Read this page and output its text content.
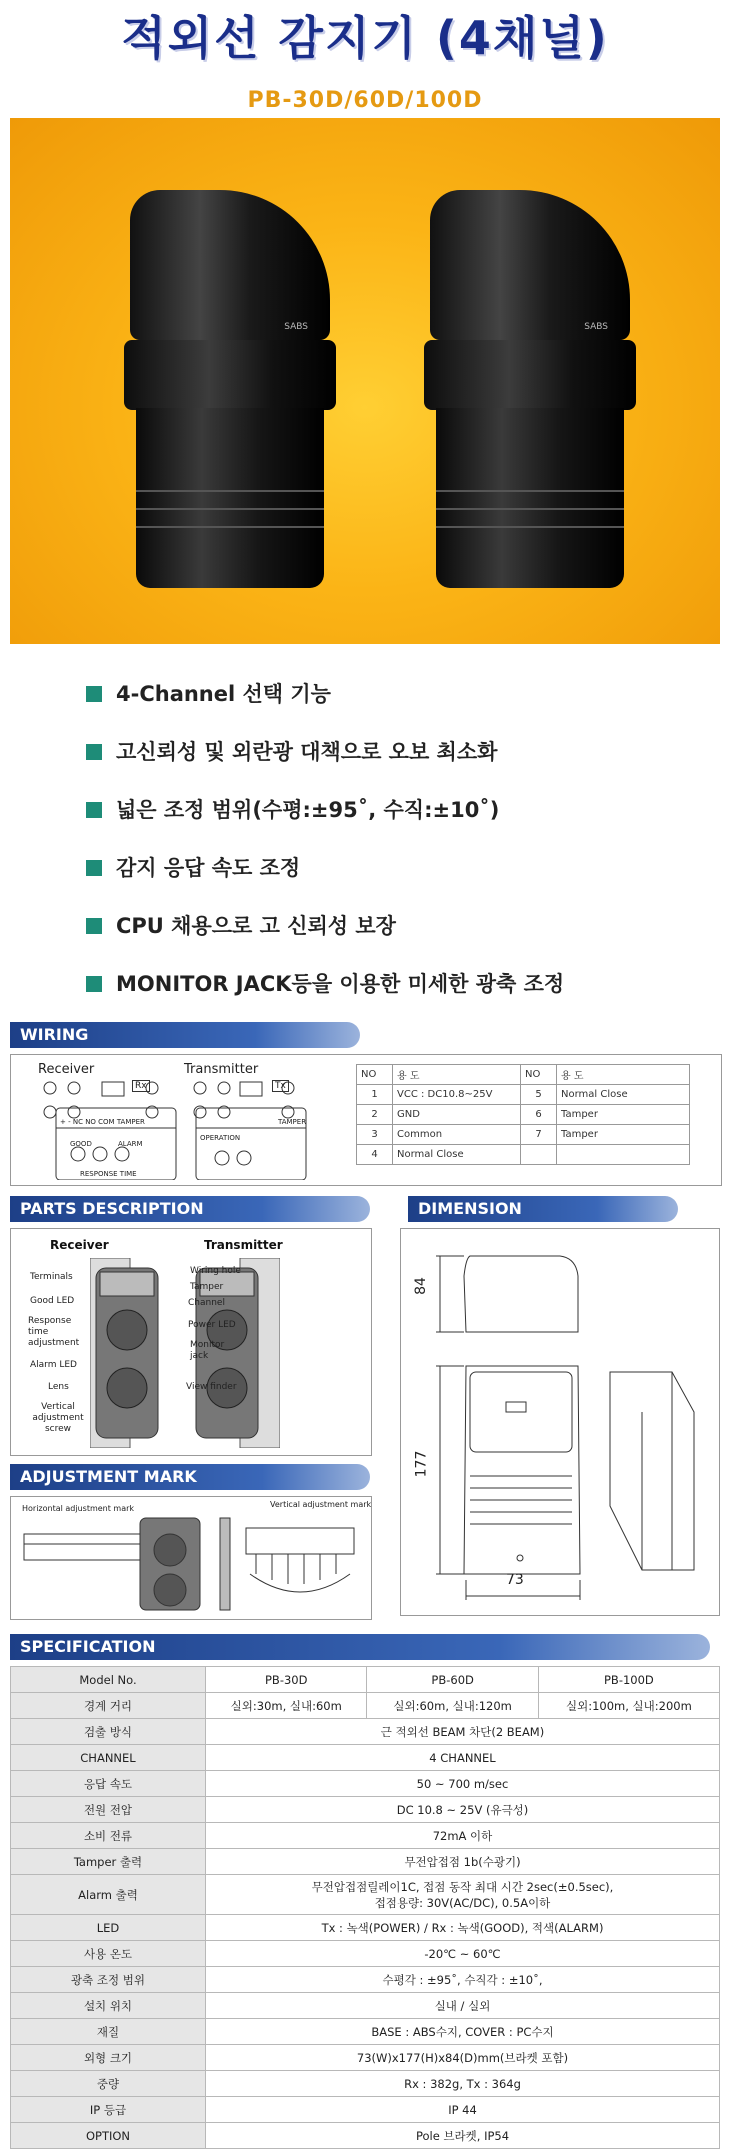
적외선 감지기 (4채널)
PB-30D/60D/100D
SABS	SABS
4-Channel 선택 기능
고신뢰성 및 외란광 대책으로 오보 최소화
넓은 조정 범위(수평:±95˚, 수직:±10˚)
감지 응답 속도 조정
CPU 채용으로 고 신뢰성 보장
MONITOR JACK등을 이용한 미세한 광축 조정
WIRING
Receiver	Transmitter
Rx	Tx
+ - NC NO COM TAMPER	TAMPER
OPERATION
GOOD	ALARM
RESPONSE TIME
NO	용 도	NO	용 도
1	VCC : DC10.8~25V	5	Normal Close
2	GND	6	Tamper
3	Common	7	Tamper
4	Normal Close		
PARTS DESCRIPTION
Receiver	Transmitter
Terminals
Good LED
Response time adjustment
Alarm LED
Lens
Vertical adjustment screw
Wiring hole
Tamper
Channel
Power LED
Monitor jack
View finder
DIMENSION
84
177
73
ADJUSTMENT MARK
Horizontal adjustment mark	Vertical adjustment mark
SPECIFICATION
Model No.	PB-30D	PB-60D	PB-100D
경계 거리	실외:30m, 실내:60m	실외:60m, 실내:120m	실외:100m, 실내:200m
검출 방식	근 적외선 BEAM 차단(2 BEAM)		
CHANNEL	4 CHANNEL		
응답 속도	50 ~ 700 m/sec		
전원 전압	DC 10.8 ~ 25V (유극성)		
소비 전류	72mA 이하		
Tamper 출력	무전압접점 1b(수광기)		
Alarm 출력	무전압접점릴레이1C, 접점 동작 최대 시간 2sec(±0.5sec),
접점용량: 30V(AC/DC), 0.5A이하		

LED	Tx : 녹색(POWER) / Rx : 녹색(GOOD), 적색(ALARM)		
사용 온도	-20℃ ~ 60℃		
광축 조정 범위	수평각 : ±95˚, 수직각 : ±10˚,		
설치 위치	실내 / 실외		
재질	BASE : ABS수지, COVER : PC수지		
외형 크기	73(W)x177(H)x84(D)mm(브라켓 포함)		
중량	Rx : 382g, Tx : 364g		
IP 등급	IP 44		
OPTION	Pole 브라켓, IP54		
